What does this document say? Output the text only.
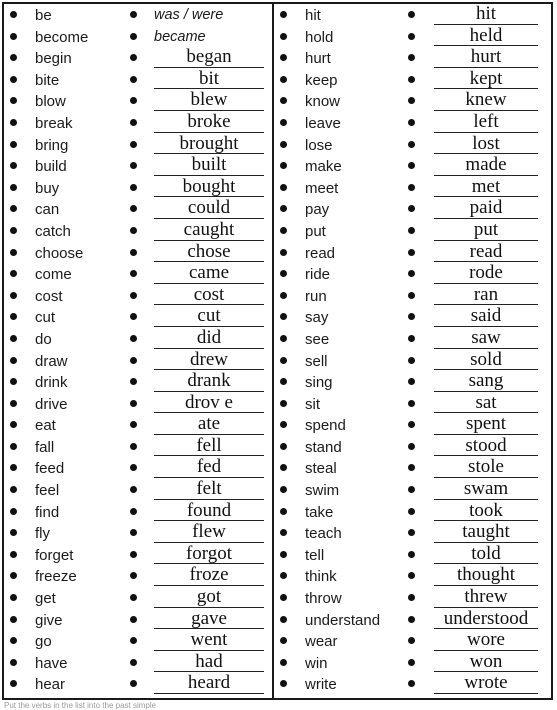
be	was / were
become	became
begin	began
bite	bit
blow	blew
break	broke
bring	brought
build	built
buy	bought
can	could
catch	caught
choose	chose
come	came
cost	cost
cut	cut
do	did
draw	drew
drink	drank
drive	drov e
eat	ate
fall	fell
feed	fed
feel	felt
find	found
fly	flew
forget	forgot
freeze	froze
get	got
give	gave
go	went
have	had
hear	heard
hit	hit
hold	held
hurt	hurt
keep	kept
know	knew
leave	left
lose	lost
make	made
meet	met
pay	paid
put	put
read	read
ride	rode
run	ran
say	said
see	saw
sell	sold
sing	sang
sit	sat
spend	spent
stand	stood
steal	stole
swim	swam
take	took
teach	taught
tell	told
think	thought
throw	threw
understand	understood
wear	wore
win	won
write	wrote
Put the verbs in the list into the past simple
